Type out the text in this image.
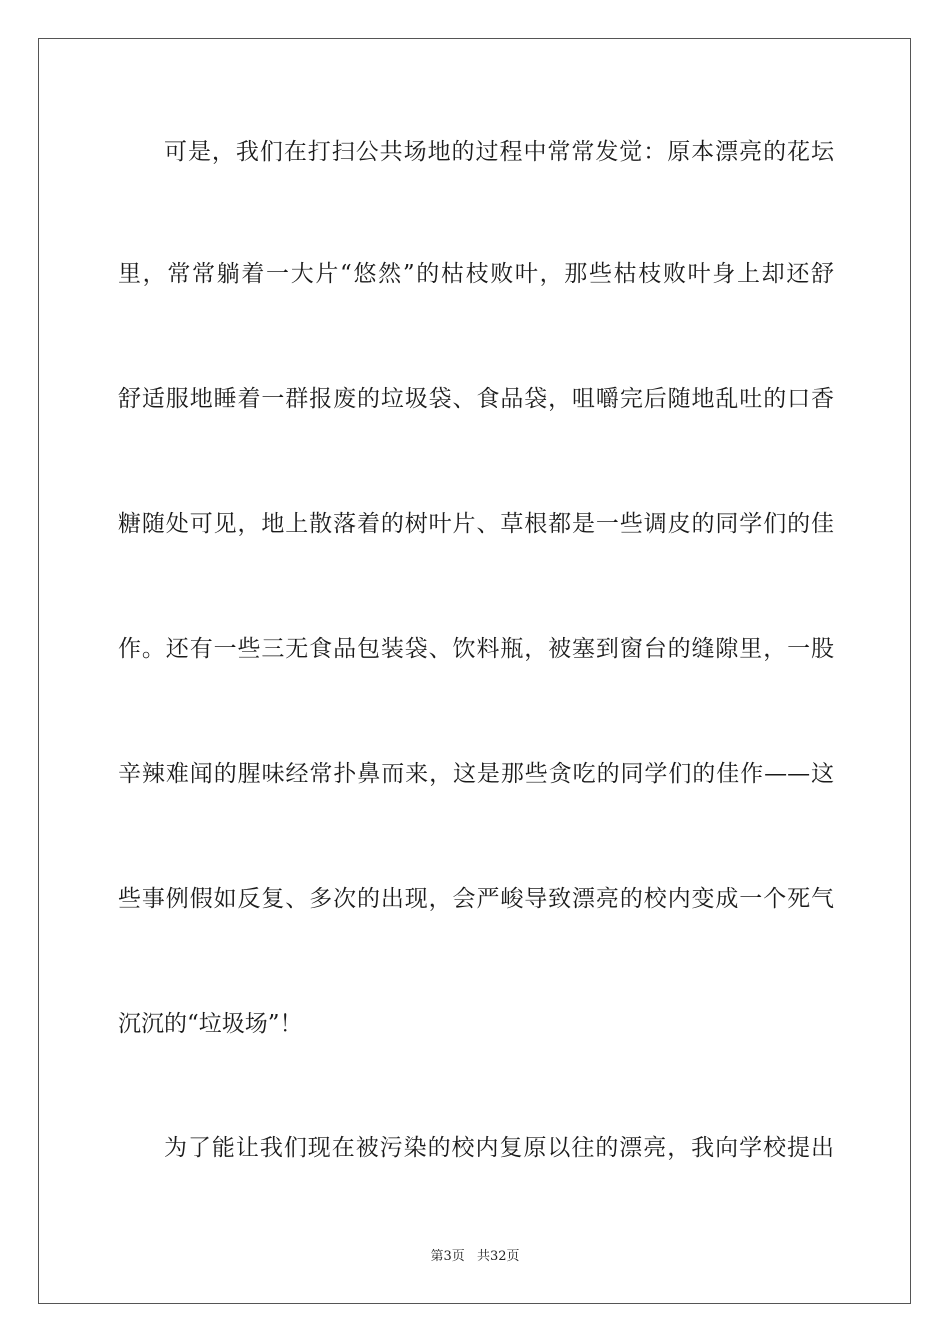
可是，我们在打扫公共场地的过程中常常发觉：原本漂亮的花坛
里，常常躺着一大片“悠然”的枯枝败叶，那些枯枝败叶身上却还舒
舒适服地睡着一群报废的垃圾袋、食品袋，咀嚼完后随地乱吐的口香
糖随处可见，地上散落着的树叶片、草根都是一些调皮的同学们的佳
作。还有一些三无食品包装袋、饮料瓶，被塞到窗台的缝隙里，一股
辛辣难闻的腥味经常扑鼻而来，这是那些贪吃的同学们的佳作——这
些事例假如反复、多次的出现，会严峻导致漂亮的校内变成一个死气
沉沉的“垃圾场”！
为了能让我们现在被污染的校内复原以往的漂亮，我向学校提出
第3页 共32页
